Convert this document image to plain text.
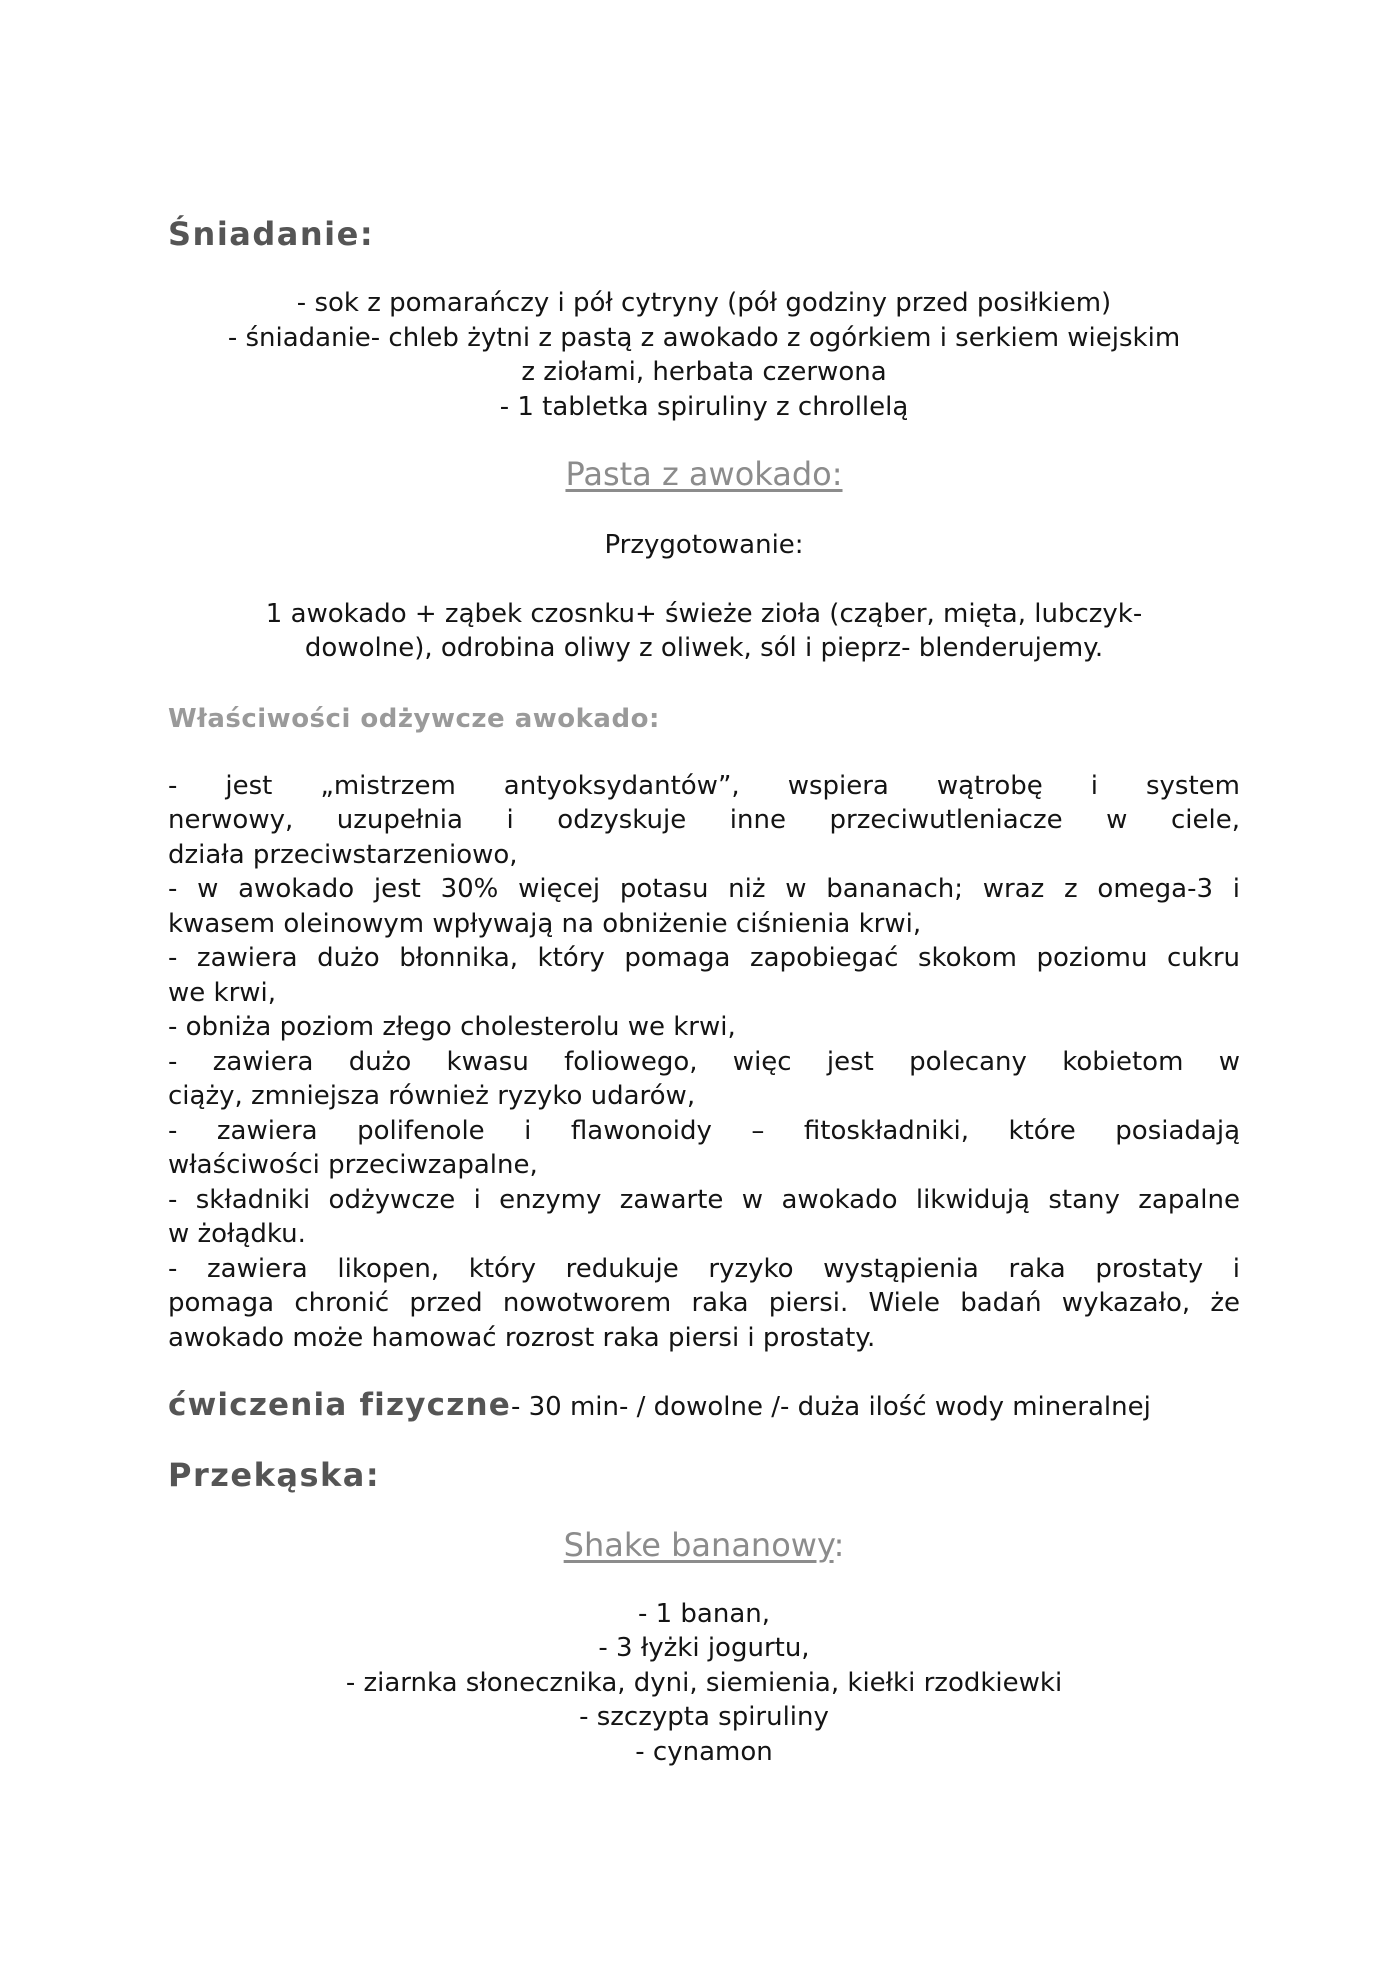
Śniadanie:

- sok z pomarańczy i pół cytryny (pół godziny przed posiłkiem)

- śniadanie- chleb żytni z pastą z awokado z ogórkiem i serkiem wiejskim

z ziołami, herbata czerwona

- 1 tabletka spiruliny z chrollelą

Pasta z awokado:

Przygotowanie:

1 awokado + ząbek czosnku+ świeże zioła (cząber, mięta, lubczyk-

dowolne), odrobina oliwy z oliwek, sól i pieprz- blenderujemy.

Właściwości odżywcze awokado:

- jest „mistrzem antyoksydantów”, wspiera wątrobę i system

nerwowy, uzupełnia i odzyskuje inne przeciwutleniacze w ciele,

działa przeciwstarzeniowo,

- w awokado jest 30% więcej potasu niż w bananach; wraz z omega-3 i

kwasem oleinowym wpływają na obniżenie ciśnienia krwi,

- zawiera dużo błonnika, który pomaga zapobiegać skokom poziomu cukru

we krwi,

- obniża poziom złego cholesterolu we krwi,

- zawiera dużo kwasu foliowego, więc jest polecany kobietom w

ciąży, zmniejsza również ryzyko udarów,

- zawiera polifenole i flawonoidy – fitoskładniki, które posiadają

właściwości przeciwzapalne,

- składniki odżywcze i enzymy zawarte w awokado likwidują stany zapalne

w żołądku.

- zawiera likopen, który redukuje ryzyko wystąpienia raka prostaty i

pomaga chronić przed nowotworem raka piersi. Wiele badań wykazało, że

awokado może hamować rozrost raka piersi i prostaty.

ćwiczenia fizyczne- 30 min- / dowolne /- duża ilość wody mineralnej

Przekąska:

Shake bananowy:

- 1 banan,

- 3 łyżki jogurtu,

- ziarnka słonecznika, dyni, siemienia, kiełki rzodkiewki

- szczypta spiruliny

- cynamon
